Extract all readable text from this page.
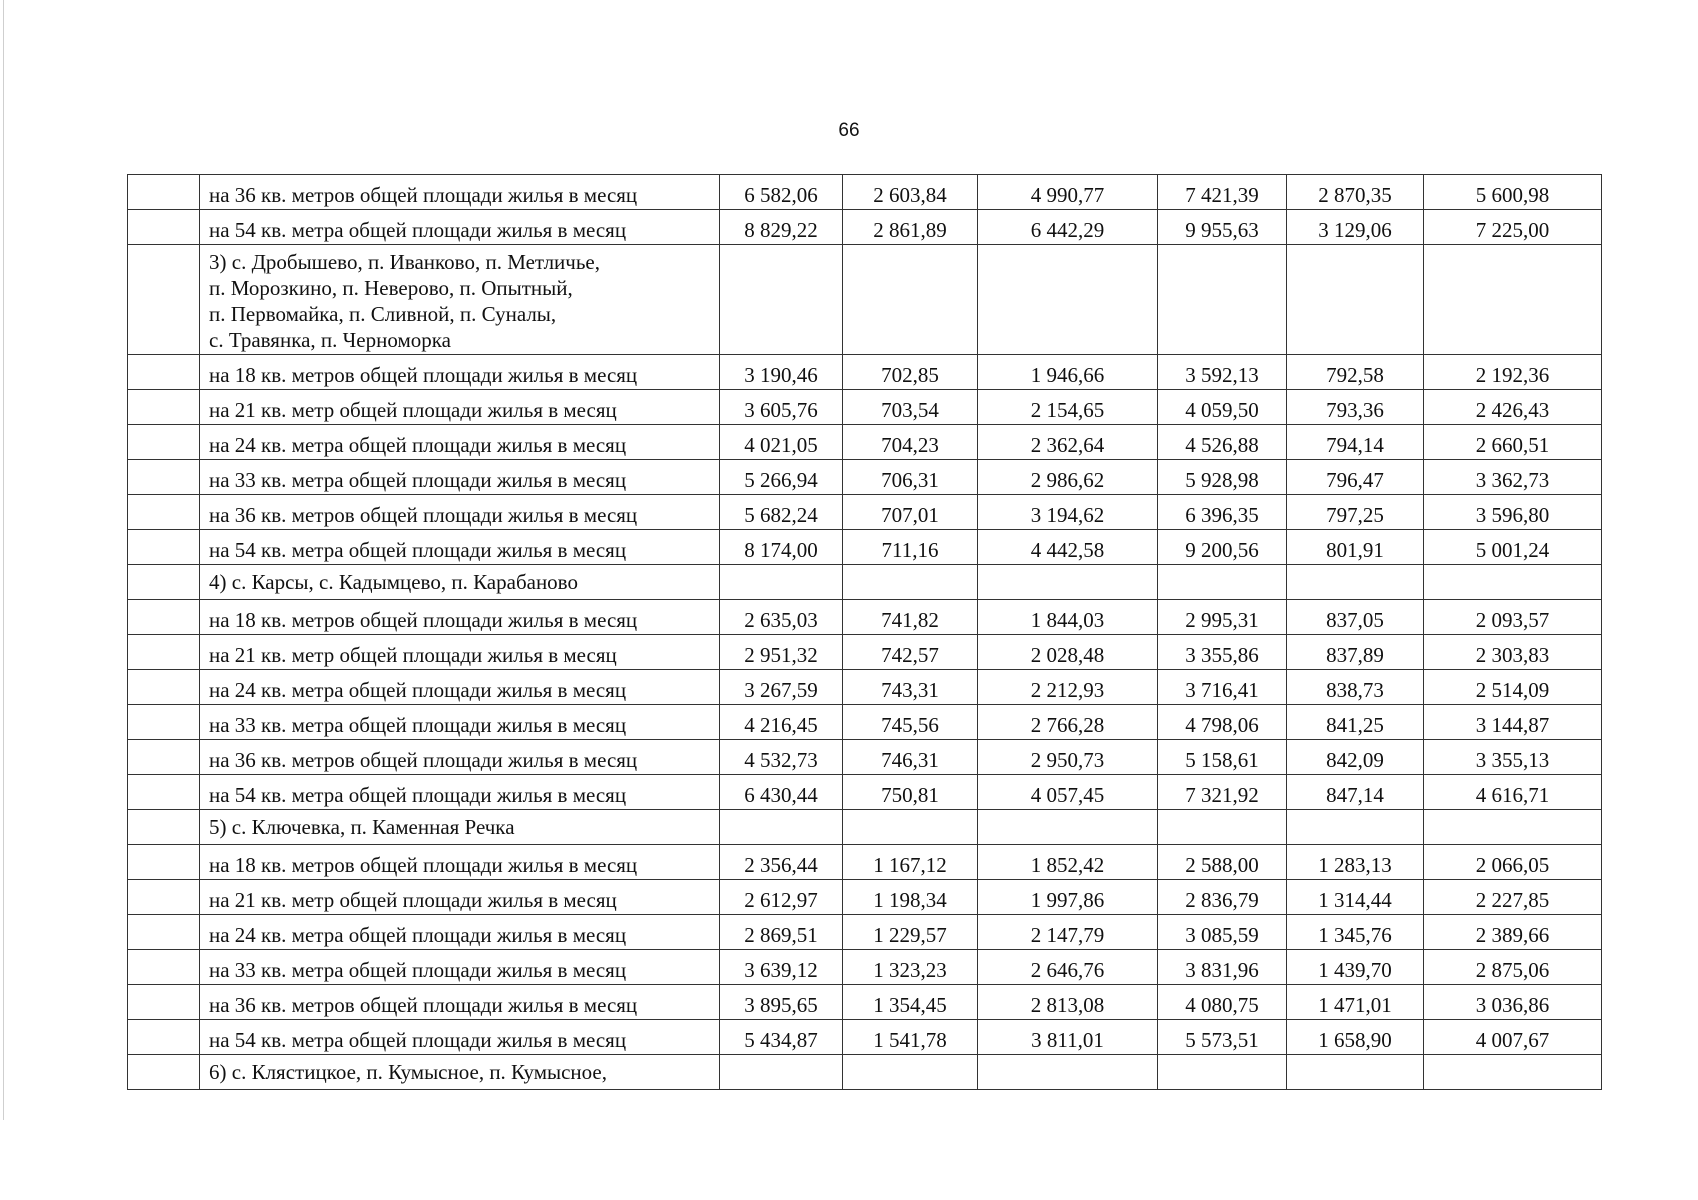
66
	на 36 кв. метров общей площади жилья в месяц	6 582,06	2 603,84	4 990,77	7 421,39	2 870,35	5 600,98
	на 54 кв. метра общей площади жилья в месяц	8 829,22	2 861,89	6 442,29	9 955,63	3 129,06	7 225,00

	3) с. Дробышево, п. Иванково, п. Метличье,
п. Морозкино, п. Неверово, п. Опытный,
п. Первомайка, п. Сливной, п. Суналы,
с. Травянка, п. Черноморка						

	на 18 кв. метров общей площади жилья в месяц	3 190,46	702,85	1 946,66	3 592,13	792,58	2 192,36
	на 21 кв. метр общей площади жилья в месяц	3 605,76	703,54	2 154,65	4 059,50	793,36	2 426,43
	на 24 кв. метра общей площади жилья в месяц	4 021,05	704,23	2 362,64	4 526,88	794,14	2 660,51
	на 33 кв. метра общей площади жилья в месяц	5 266,94	706,31	2 986,62	5 928,98	796,47	3 362,73
	на 36 кв. метров общей площади жилья в месяц	5 682,24	707,01	3 194,62	6 396,35	797,25	3 596,80
	на 54 кв. метра общей площади жилья в месяц	8 174,00	711,16	4 442,58	9 200,56	801,91	5 001,24

	4) с. Карсы, с. Кадымцево, п. Карабаново						

	на 18 кв. метров общей площади жилья в месяц	2 635,03	741,82	1 844,03	2 995,31	837,05	2 093,57
	на 21 кв. метр общей площади жилья в месяц	2 951,32	742,57	2 028,48	3 355,86	837,89	2 303,83
	на 24 кв. метра общей площади жилья в месяц	3 267,59	743,31	2 212,93	3 716,41	838,73	2 514,09
	на 33 кв. метра общей площади жилья в месяц	4 216,45	745,56	2 766,28	4 798,06	841,25	3 144,87
	на 36 кв. метров общей площади жилья в месяц	4 532,73	746,31	2 950,73	5 158,61	842,09	3 355,13
	на 54 кв. метра общей площади жилья в месяц	6 430,44	750,81	4 057,45	7 321,92	847,14	4 616,71

	5) с. Ключевка, п. Каменная Речка						

	на 18 кв. метров общей площади жилья в месяц	2 356,44	1 167,12	1 852,42	2 588,00	1 283,13	2 066,05
	на 21 кв. метр общей площади жилья в месяц	2 612,97	1 198,34	1 997,86	2 836,79	1 314,44	2 227,85
	на 24 кв. метра общей площади жилья в месяц	2 869,51	1 229,57	2 147,79	3 085,59	1 345,76	2 389,66
	на 33 кв. метра общей площади жилья в месяц	3 639,12	1 323,23	2 646,76	3 831,96	1 439,70	2 875,06
	на 36 кв. метров общей площади жилья в месяц	3 895,65	1 354,45	2 813,08	4 080,75	1 471,01	3 036,86
	на 54 кв. метра общей площади жилья в месяц	5 434,87	1 541,78	3 811,01	5 573,51	1 658,90	4 007,67

	6) с. Клястицкое, п. Кумысное, п. Кумысное,						
